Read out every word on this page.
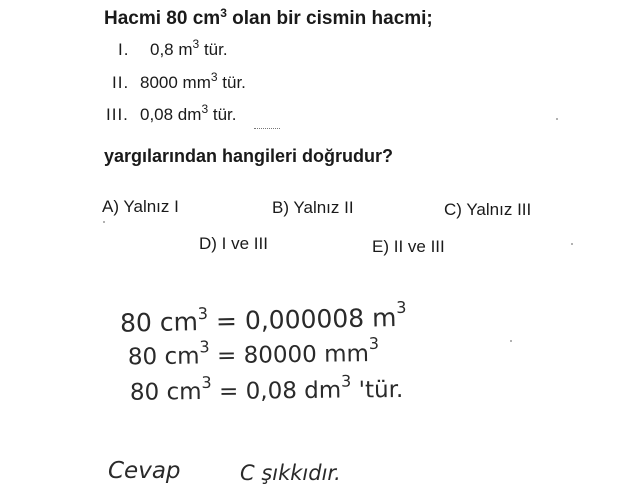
Hacmi 80 $cm^3$ olan bir cismin hacmi;
I. 0,8 $m^3$ tür.
II. 8000 $mm^3$ tür.
III. 0,08 $dm^3$ tür.
yargılarından hangileri doğrudur?
A) Yalnız I	B) Yalnız II	C) Yalnız III
D) I ve III	E) II ve III
80 $cm^3 = 0,000008$ $m^3$
80 $cm^3 = 80000$ $mm^3$
80 $cm^3 = 0,08$ $dm^3$ 'tür.
Cevap	C şıkkıdır.
